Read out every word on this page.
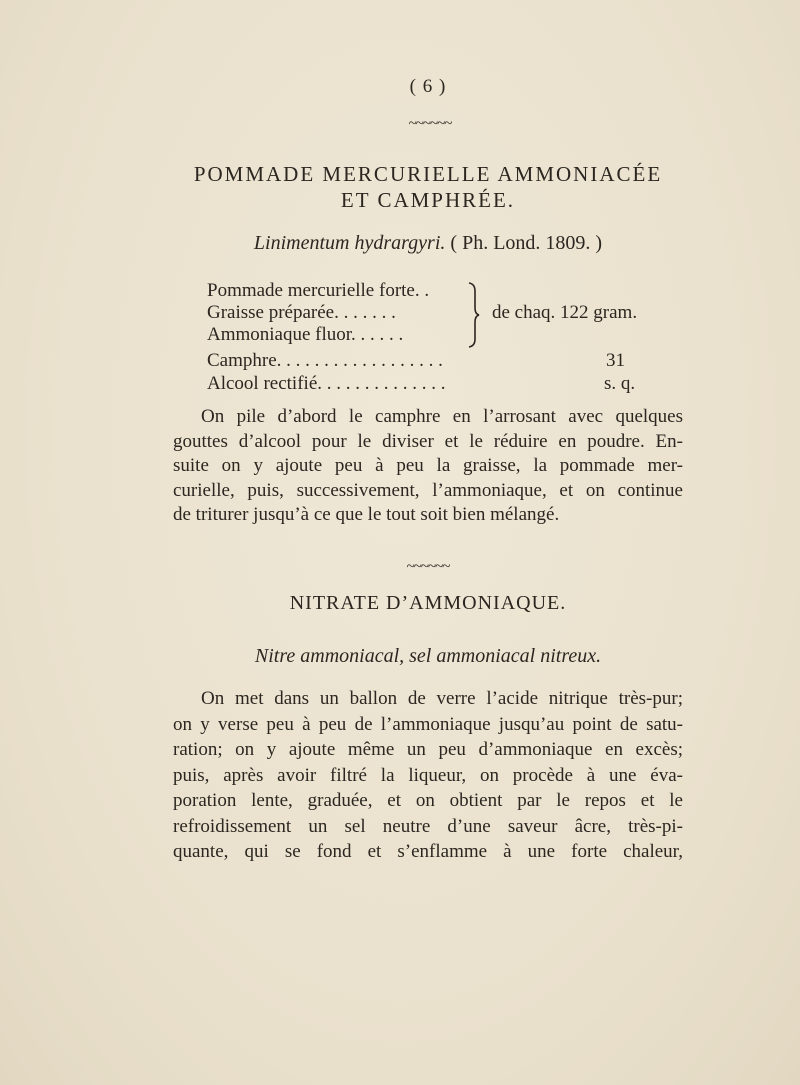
( 6 )
~~~~~~
POMMADE MERCURIELLE AMMONIACÉE
ET CAMPHRÉE.
Linimentum hydrargyri. ( Ph. Lond. 1809. )
Pommade mercurielle forte. .
Graisse préparée. . . . . . .
Ammoniaque fluor. . . . . .
Camphre. . . . . . . . . . . . . . . . . .
Alcool rectifié. . . . . . . . . . . . . .
de chaq. 122 gram.
31
s. q.
On pile d’abord le camphre en l’arrosant avec quelques
gouttes d’alcool pour le diviser et le réduire en poudre. En-
suite on y ajoute peu à peu la graisse, la pommade mer-
curielle, puis, successivement, l’ammoniaque, et on continue
de triturer jusqu’à ce que le tout soit bien mélangé.
~~~~~~
NITRATE D’AMMONIAQUE.
Nitre ammoniacal, sel ammoniacal nitreux.
On met dans un ballon de verre l’acide nitrique très-pur;
on y verse peu à peu de l’ammoniaque jusqu’au point de satu-
ration; on y ajoute même un peu d’ammoniaque en excès;
puis, après avoir filtré la liqueur, on procède à une éva-
poration lente, graduée, et on obtient par le repos et le
refroidissement un sel neutre d’une saveur âcre, très-pi-
quante, qui se fond et s’enflamme à une forte chaleur,
